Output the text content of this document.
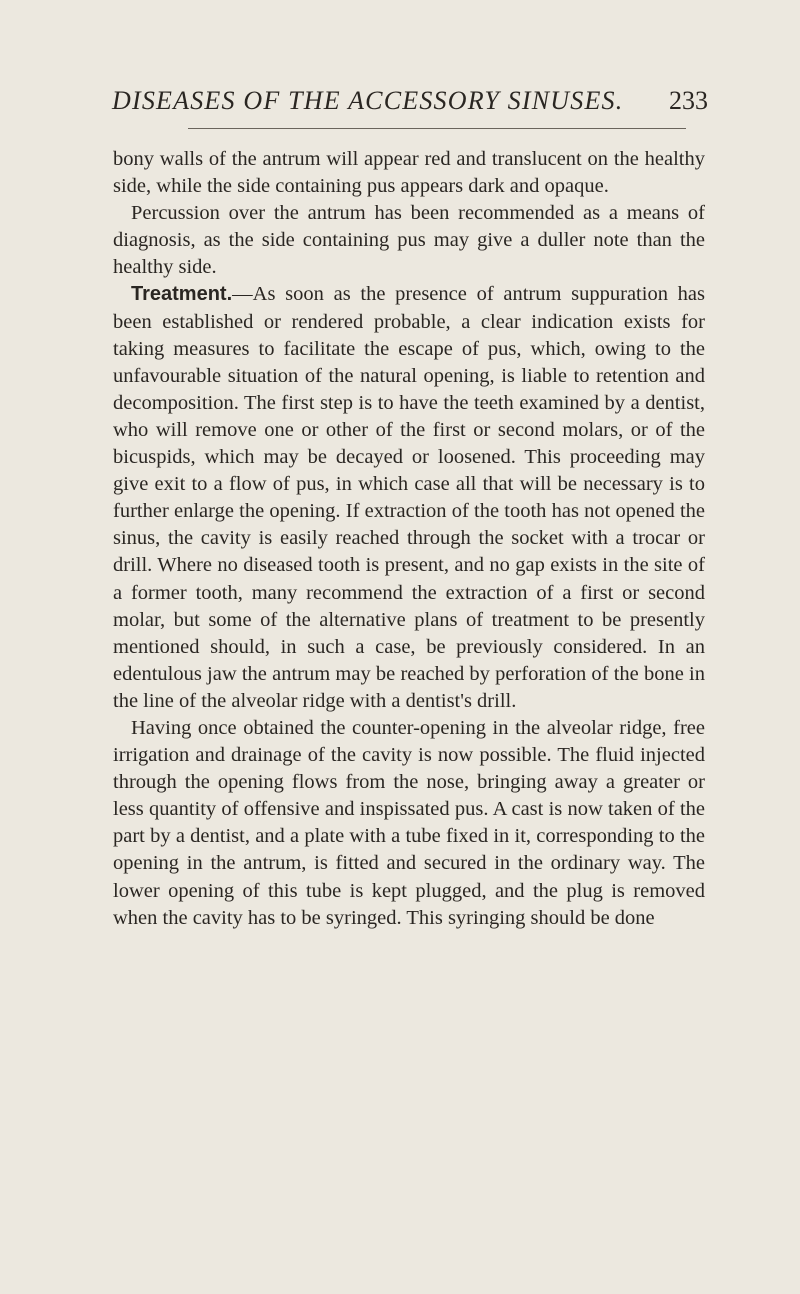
DISEASES OF THE ACCESSORY SINUSES. 233

bony walls of the antrum will appear red and translucent on the healthy side, while the side containing pus appears dark and opaque.

Percussion over the antrum has been recommended as a means of diagnosis, as the side containing pus may give a duller note than the healthy side.

Treatment.—As soon as the presence of antrum suppuration has been established or rendered probable, a clear indication exists for taking measures to facilitate the escape of pus, which, owing to the unfavourable situation of the natural opening, is liable to retention and decomposition. The first step is to have the teeth examined by a dentist, who will remove one or other of the first or second molars, or of the bicuspids, which may be decayed or loosened. This proceeding may give exit to a flow of pus, in which case all that will be necessary is to further enlarge the opening. If extraction of the tooth has not opened the sinus, the cavity is easily reached through the socket with a trocar or drill. Where no diseased tooth is present, and no gap exists in the site of a former tooth, many recommend the extraction of a first or second molar, but some of the alternative plans of treatment to be presently mentioned should, in such a case, be previously considered. In an edentulous jaw the antrum may be reached by perforation of the bone in the line of the alveolar ridge with a dentist's drill.

Having once obtained the counter-opening in the alveolar ridge, free irrigation and drainage of the cavity is now possible. The fluid injected through the opening flows from the nose, bringing away a greater or less quantity of offensive and inspissated pus. A cast is now taken of the part by a dentist, and a plate with a tube fixed in it, corresponding to the opening in the antrum, is fitted and secured in the ordinary way. The lower opening of this tube is kept plugged, and the plug is removed when the cavity has to be syringed. This syringing should be done
